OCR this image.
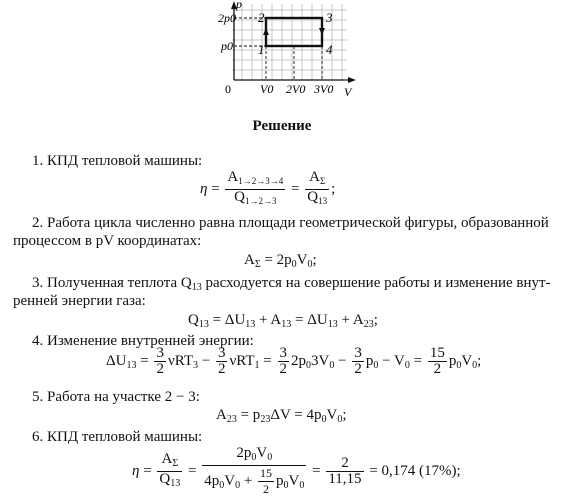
2p0
p0
p
V
0 V0 2V0 3V0
1
2	3
4
Решение
1. КПД тепловой машины:
$\eta = \frac{A_{1\to 2\to 3\to 4}}{Q_{1\to 2\to 3}} = \frac{A_\Sigma}{Q_{13}}$ ;
2. Работа цикла численно равна площади геометрической фигуры, образованной
процессом в pV координатах:
$A_\Sigma = 2p_0V_0$;
3. Полученная теплота $Q_{13}$ расходуется на совершение работы и изменение внут-
ренней энергии газа:
$Q_{13} = \Delta U_{13} + A_{13} = \Delta U_{13} + A_{23}$;
4. Изменение внутренней энергии:
$\Delta U_{13} = \frac{3}{2} \nu RT_3 - \frac{3}{2} \nu RT_1 = \frac{3}{2} 2p_03V_0 - \frac{3}{2} p_0 - V_0 = \frac{15}{2} p_0V_0$;
5. Работа на участке 2 − 3:
$A_{23} = p_{23}\Delta V = 4p_0V_0$;
6. КПД тепловой машины:
$\eta = \frac{A_\Sigma}{Q_{13}} = \frac{2p_0V_0}{4p_0V_0 + \frac{15}{2} p_0V_0} = \frac{2}{11,15} = 0,174$ (17%);
